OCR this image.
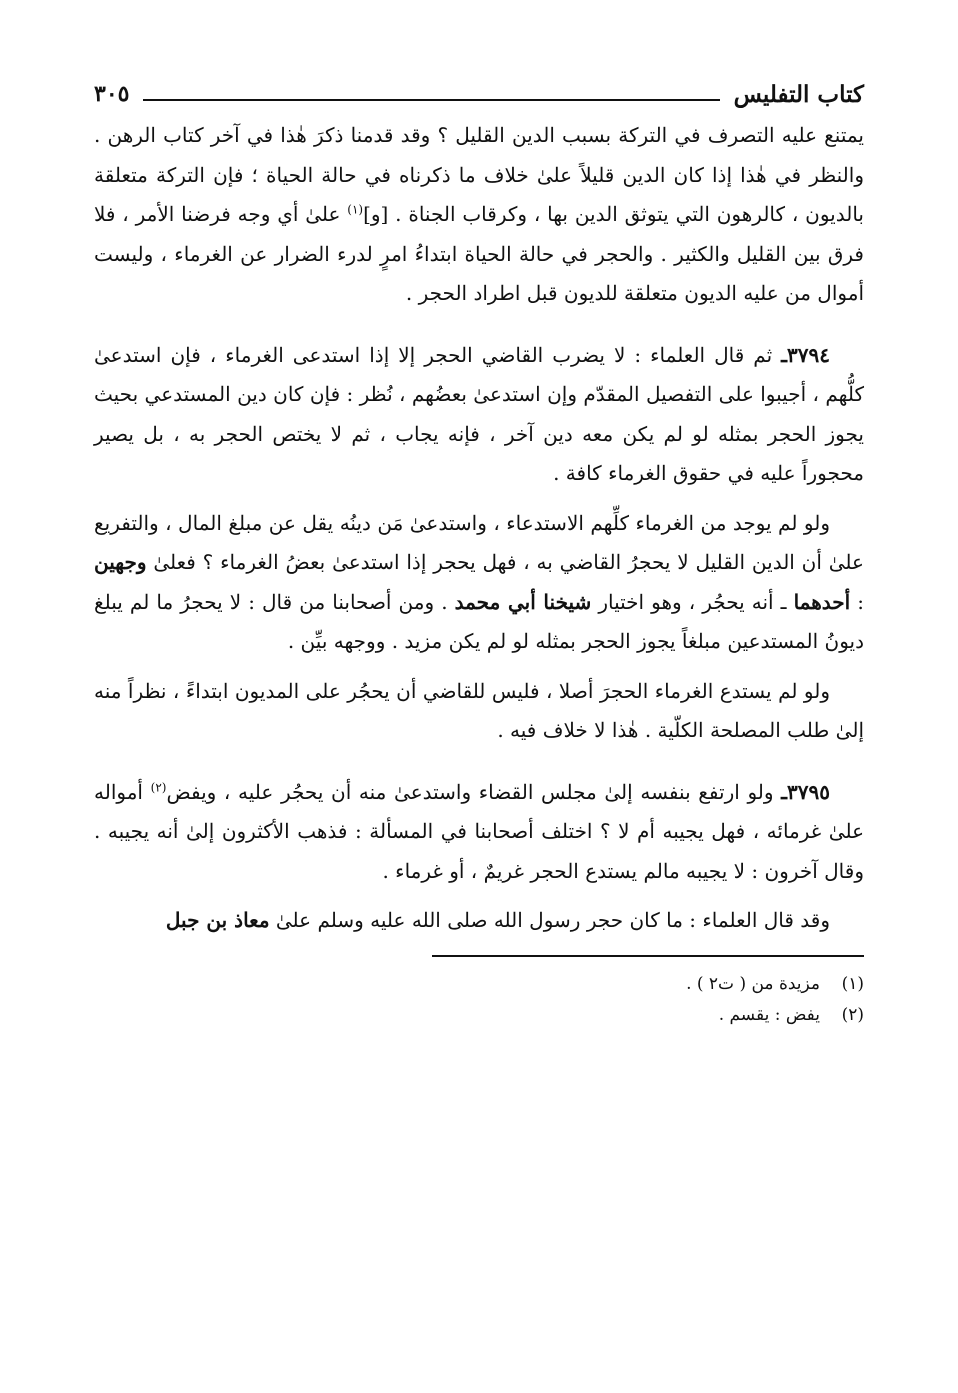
كتاب التفليس
٣٠٥

يمتنع عليه التصرف في التركة بسبب الدين القليل ؟ وقد قدمنا ذكرَ هٰذا في آخر كتاب الرهن . والنظر في هٰذا إذا كان الدين قليلاً علىٰ خلاف ما ذكرناه في حالة الحياة ؛ فإن التركة متعلقة بالديون ، كالرهون التي يتوثق الدين بها ، وكرقاب الجناة . [و]$^{(١)}$ علىٰ أي وجه فرضنا الأمر ، فلا فرق بين القليل والكثير . والحجر في حالة الحياة ابتداءُ امرٍ لدرء الضرار عن الغرماء ، وليست أموال من عليه الديون متعلقة للديون قبل اطراد الحجر .

٣٧٩٤ـ ثم قال العلماء : لا يضرب القاضي الحجر إلا إذا استدعى الغرماء ، فإن استدعىٰ كلُّهم ، أجيبوا على التفصيل المقدّم وإن استدعىٰ بعضُهم ، نُظر : فإن كان دين المستدعي بحيث يجوز الحجر بمثله لو لم يكن معه دين آخر ، فإنه يجاب ، ثم لا يختص الحجر به ، بل يصير محجوراً عليه في حقوق الغرماء كافة .

ولو لم يوجد من الغرماء كلِّهم الاستدعاء ، واستدعىٰ مَن دينُه يقل عن مبلغ المال ، والتفريع علىٰ أن الدين القليل لا يحجرُ القاضي به ، فهل يحجر إذا استدعىٰ بعضُ الغرماء ؟ فعلىٰ وجهين : أحدهما ـ أنه يحجُر ، وهو اختيار شيخنا أبي محمد . ومن أصحابنا من قال : لا يحجرُ ما لم يبلغ ديونُ المستدعين مبلغاً يجوز الحجر بمثله لو لم يكن مزيد . ووجهه بيِّن .

ولو لم يستدع الغرماء الحجرَ أصلا ، فليس للقاضي أن يحجُر على المديون ابتداءً ، نظراً منه إلىٰ طلب المصلحة الكلّية . هٰذا لا خلاف فيه .

٣٧٩٥ـ ولو ارتفع بنفسه إلىٰ مجلس القضاء واستدعىٰ منه أن يحجُر عليه ، ويفض$^{(٢)}$ أمواله علىٰ غرمائه ، فهل يجيبه أم لا ؟ اختلف أصحابنا في المسألة : فذهب الأكثرون إلىٰ أنه يجيبه . وقال آخرون : لا يجيبه مالم يستدع الحجر غريمٌ ، أو غرماء .

وقد قال العلماء : ما كان حجر رسول الله صلى الله عليه وسلم علىٰ معاذ بن جبل

(١)
مزيدة من ( ت٢ ) .
(٢)
يفض : يقسم .
